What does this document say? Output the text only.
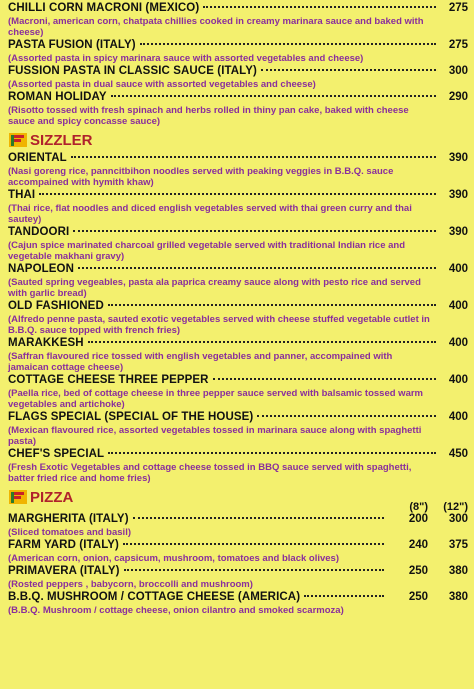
CHILLI CORN MACRONI (MEXICO)	275
(Macroni, american corn, chatpata chillies cooked in creamy marinara sauce and baked with cheese)
PASTA FUSION (ITALY)	275
(Assorted pasta in spicy marinara sauce with assorted vegetables and cheese)
FUSSION PASTA IN CLASSIC SAUCE (ITALY)	300
(Assorted pasta in dual sauce with assorted vegetables and cheese)
ROMAN HOLIDAY	290
(Risotto tossed with fresh spinach and herbs rolled in thiny pan cake, baked with cheese sauce and spicy concasse sauce)
SIZZLER
ORIENTAL	390
(Nasi goreng rice, panncitbihon noodles served with peaking veggies in B.B.Q. sauce accompained with hymith khaw)
THAI	390
(Thai rice, flat noodles and diced english vegetables served with thai green curry and thai sautey)
TANDOORI	390
(Cajun spice marinated charcoal grilled vegetable served with traditional Indian rice and vegetable makhani gravy)
NAPOLEON	400
(Sauted spring vegeables, pasta ala paprica creamy sauce along with pesto rice and served with garlic bread)
OLD FASHIONED	400
(Alfredo penne pasta, sauted exotic vegetables served with cheese stuffed vegetable cutlet in B.B.Q. sauce topped with french fries)
MARAKKESH	400
(Saffran flavoured rice tossed with english vegetables and panner, accompained with jamaican cottage cheese)
COTTAGE CHEESE THREE PEPPER	400
(Paella rice, bed of cottage cheese in three pepper sauce served with balsamic tossed warm vegetables and artichoke)
FLAGS SPECIAL (SPECIAL OF THE HOUSE)	400
(Mexican flavoured rice, assorted vegetables tossed in marinara sauce along with spaghetti pasta)
CHEF'S SPECIAL	450
(Fresh Exotic Vegetables and cottage cheese tossed in BBQ sauce served with spaghetti, batter fried rice and home fries)
PIZZA
(8")	(12")
MARGHERITA (ITALY)	200	300
(Sliced tomatoes and basil)
FARM YARD (ITALY)	240	375
(American corn, onion, capsicum, mushroom, tomatoes and black olives)
PRIMAVERA (ITALY)	250	380
(Rosted peppers , babycorn, broccolli and mushroom)
B.B.Q. MUSHROOM / COTTAGE CHEESE (AMERICA)	250	380
(B.B.Q. Mushroom / cottage cheese, onion cilantro and smoked scarmoza)
